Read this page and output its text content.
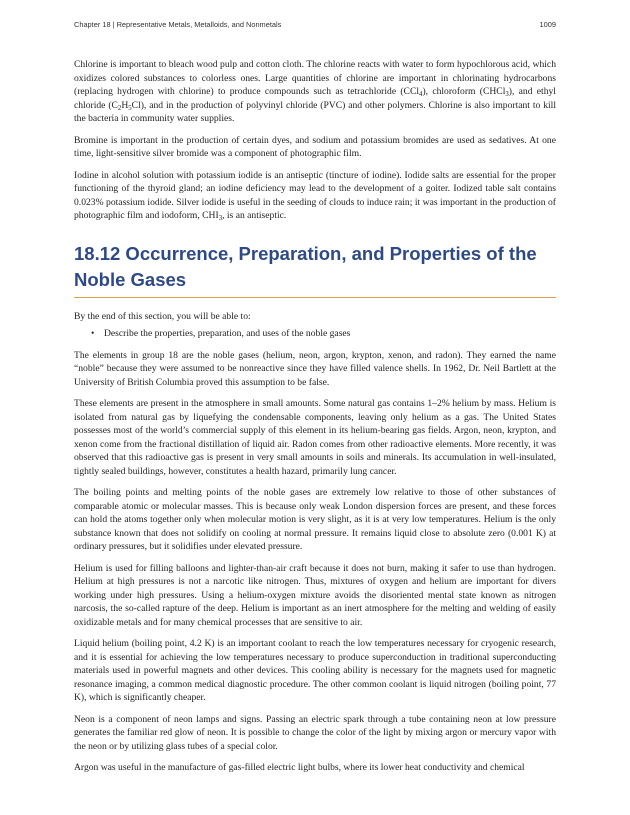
Chapter 18 | Representative Metals, Metalloids, and Nonmetals	1009

Chlorine is important to bleach wood pulp and cotton cloth. The chlorine reacts with water to form hypochlorous acid, which oxidizes colored substances to colorless ones. Large quantities of chlorine are important in chlorinating hydrocarbons (replacing hydrogen with chlorine) to produce compounds such as tetrachloride (CCl$_4$), chloroform (CHCl$_3$), and ethyl chloride $(C_2H_5Cl)$, and in the production of polyvinyl chloride (PVC) and other polymers. Chlorine is also important to kill the bacteria in community water supplies.

Bromine is important in the production of certain dyes, and sodium and potassium bromides are used as sedatives. At one time, light-sensitive silver bromide was a component of photographic film.

Iodine in alcohol solution with potassium iodide is an antiseptic (tincture of iodine). Iodide salts are essential for the proper functioning of the thyroid gland; an iodine deficiency may lead to the development of a goiter. Iodized table salt contains 0.023% potassium iodide. Silver iodide is useful in the seeding of clouds to induce rain; it was important in the production of photographic film and iodoform, $CHI_3$, is an antiseptic.

18.12 Occurrence, Preparation, and Properties of the Noble Gases

By the end of this section, you will be able to:

• Describe the properties, preparation, and uses of the noble gases

The elements in group 18 are the noble gases (helium, neon, argon, krypton, xenon, and radon). They earned the name “noble” because they were assumed to be nonreactive since they have filled valence shells. In 1962, Dr. Neil Bartlett at the University of British Columbia proved this assumption to be false.

These elements are present in the atmosphere in small amounts. Some natural gas contains 1–2% helium by mass. Helium is isolated from natural gas by liquefying the condensable components, leaving only helium as a gas. The United States possesses most of the world’s commercial supply of this element in its helium-bearing gas fields. Argon, neon, krypton, and xenon come from the fractional distillation of liquid air. Radon comes from other radioactive elements. More recently, it was observed that this radioactive gas is present in very small amounts in soils and minerals. Its accumulation in well-insulated, tightly sealed buildings, however, constitutes a health hazard, primarily lung cancer.

The boiling points and melting points of the noble gases are extremely low relative to those of other substances of comparable atomic or molecular masses. This is because only weak London dispersion forces are present, and these forces can hold the atoms together only when molecular motion is very slight, as it is at very low temperatures. Helium is the only substance known that does not solidify on cooling at normal pressure. It remains liquid close to absolute zero (0.001 K) at ordinary pressures, but it solidifies under elevated pressure.

Helium is used for filling balloons and lighter-than-air craft because it does not burn, making it safer to use than hydrogen. Helium at high pressures is not a narcotic like nitrogen. Thus, mixtures of oxygen and helium are important for divers working under high pressures. Using a helium-oxygen mixture avoids the disoriented mental state known as nitrogen narcosis, the so-called rapture of the deep. Helium is important as an inert atmosphere for the melting and welding of easily oxidizable metals and for many chemical processes that are sensitive to air.

Liquid helium (boiling point, 4.2 K) is an important coolant to reach the low temperatures necessary for cryogenic research, and it is essential for achieving the low temperatures necessary to produce superconduction in traditional superconducting materials used in powerful magnets and other devices. This cooling ability is necessary for the magnets used for magnetic resonance imaging, a common medical diagnostic procedure. The other common coolant is liquid nitrogen (boiling point, 77 K), which is significantly cheaper.

Neon is a component of neon lamps and signs. Passing an electric spark through a tube containing neon at low pressure generates the familiar red glow of neon. It is possible to change the color of the light by mixing argon or mercury vapor with the neon or by utilizing glass tubes of a special color.

Argon was useful in the manufacture of gas-filled electric light bulbs, where its lower heat conductivity and chemical
